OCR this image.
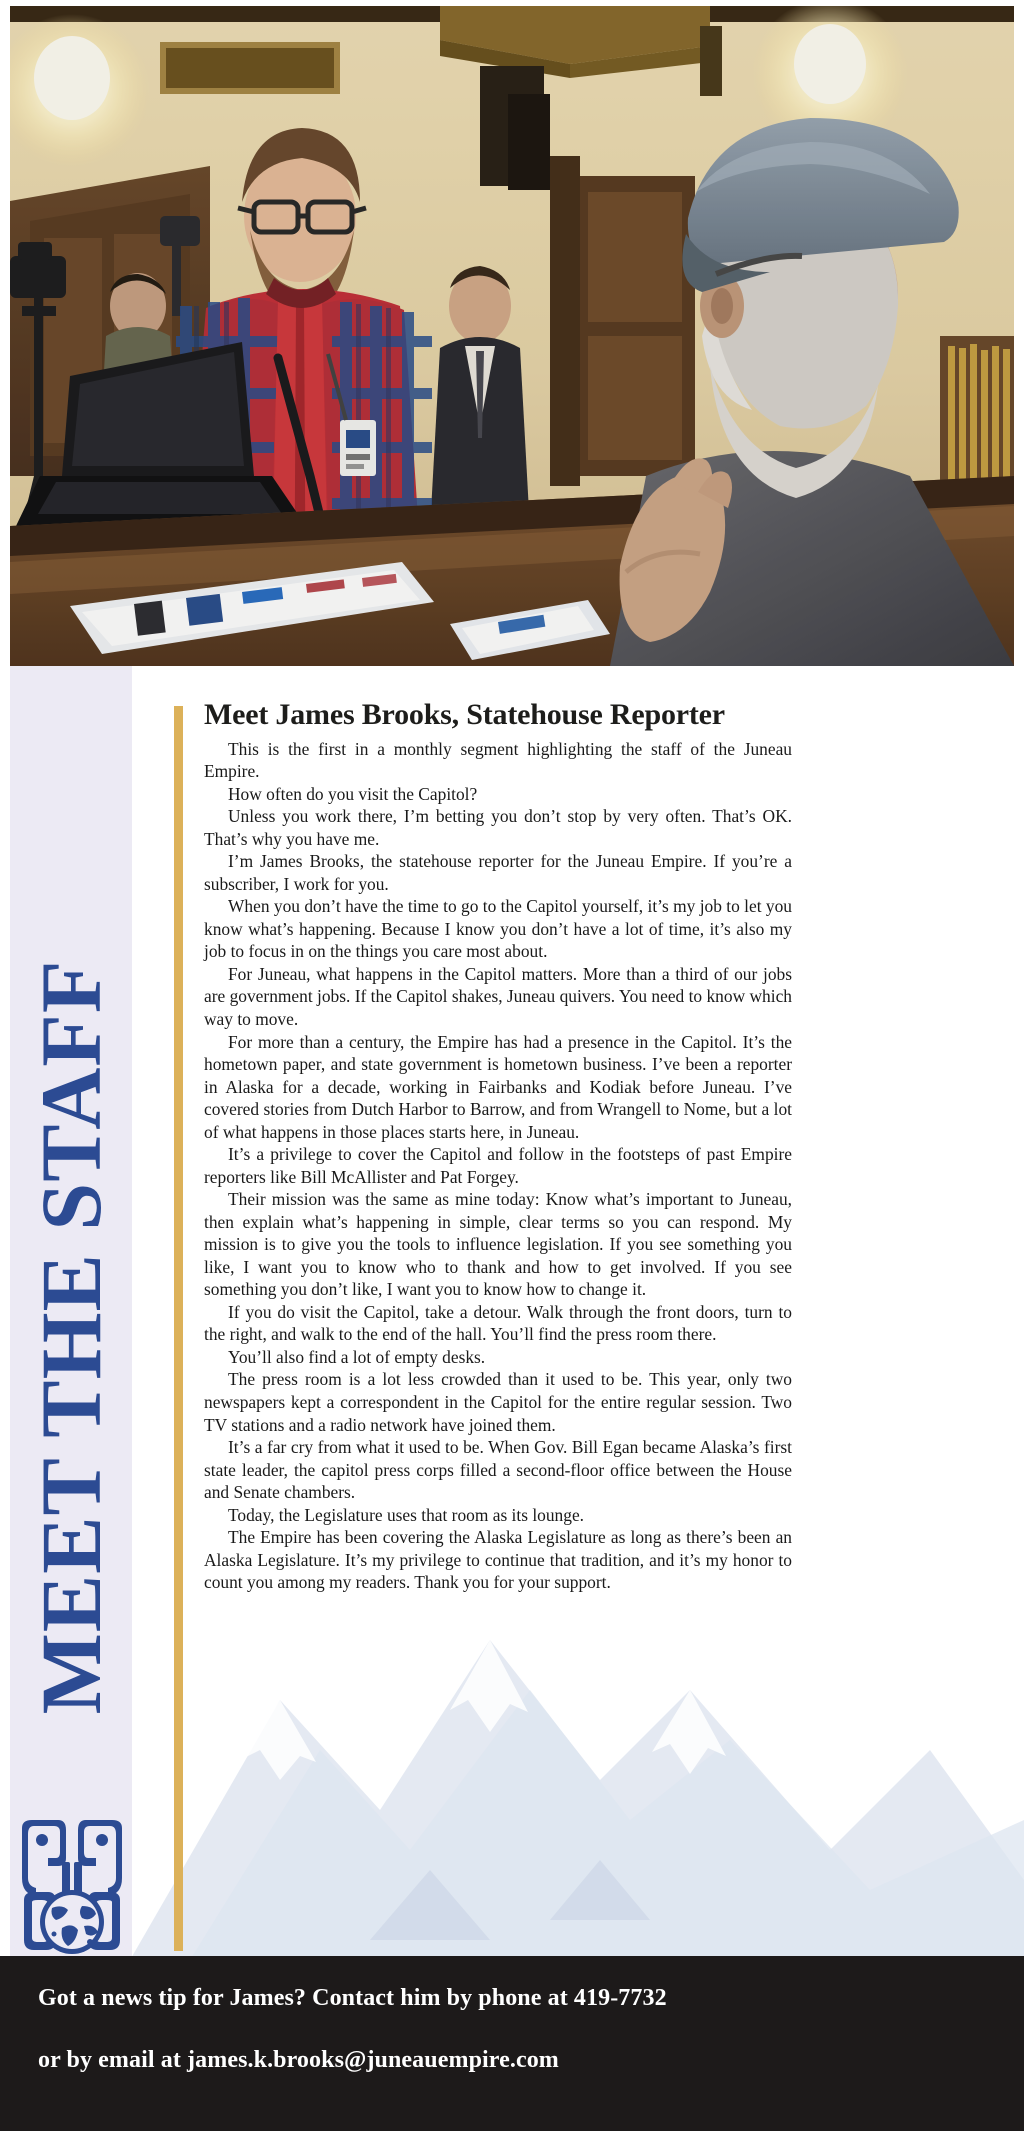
MEET THE STAFF
Meet James Brooks, Statehouse Reporter

This is the first in a monthly segment highlighting the staff of the Juneau Empire.

How often do you visit the Capitol?

Unless you work there, I’m betting you don’t stop by very often. That’s OK. That’s why you have me.

I’m James Brooks, the statehouse reporter for the Juneau Empire. If you’re a subscriber, I work for you.

When you don’t have the time to go to the Capitol yourself, it’s my job to let you know what’s happening. Because I know you don’t have a lot of time, it’s also my job to focus in on the things you care most about.

For Juneau, what happens in the Capitol matters. More than a third of our jobs are government jobs. If the Capitol shakes, Juneau quivers. You need to know which way to move.

For more than a century, the Empire has had a presence in the Capitol. It’s the hometown paper, and state government is hometown business. I’ve been a reporter in Alaska for a decade, working in Fairbanks and Kodiak before Juneau. I’ve covered stories from Dutch Harbor to Barrow, and from Wrangell to Nome, but a lot of what happens in those places starts here, in Juneau.

It’s a privilege to cover the Capitol and follow in the footsteps of past Empire reporters like Bill McAllister and Pat Forgey.

Their mission was the same as mine today: Know what’s important to Juneau, then explain what’s happening in simple, clear terms so you can respond. My mission is to give you the tools to influence legislation. If you see something you like, I want you to know who to thank and how to get involved. If you see something you don’t like, I want you to know how to change it.

If you do visit the Capitol, take a detour. Walk through the front doors, turn to the right, and walk to the end of the hall. You’ll find the press room there.

You’ll also find a lot of empty desks.

The press room is a lot less crowded than it used to be. This year, only two newspapers kept a correspondent in the Capitol for the entire regular session. Two TV stations and a radio network have joined them.

It’s a far cry from what it used to be. When Gov. Bill Egan became Alaska’s first state leader, the capitol press corps filled a second-floor office between the House and Senate chambers.

Today, the Legislature uses that room as its lounge.

The Empire has been covering the Alaska Legislature as long as there’s been an Alaska Legislature. It’s my privilege to continue that tradition, and it’s my honor to count you among my readers. Thank you for your support.

Got a news tip for James? Contact him by phone at 419-7732

or by email at james.k.brooks@juneauempire.com
